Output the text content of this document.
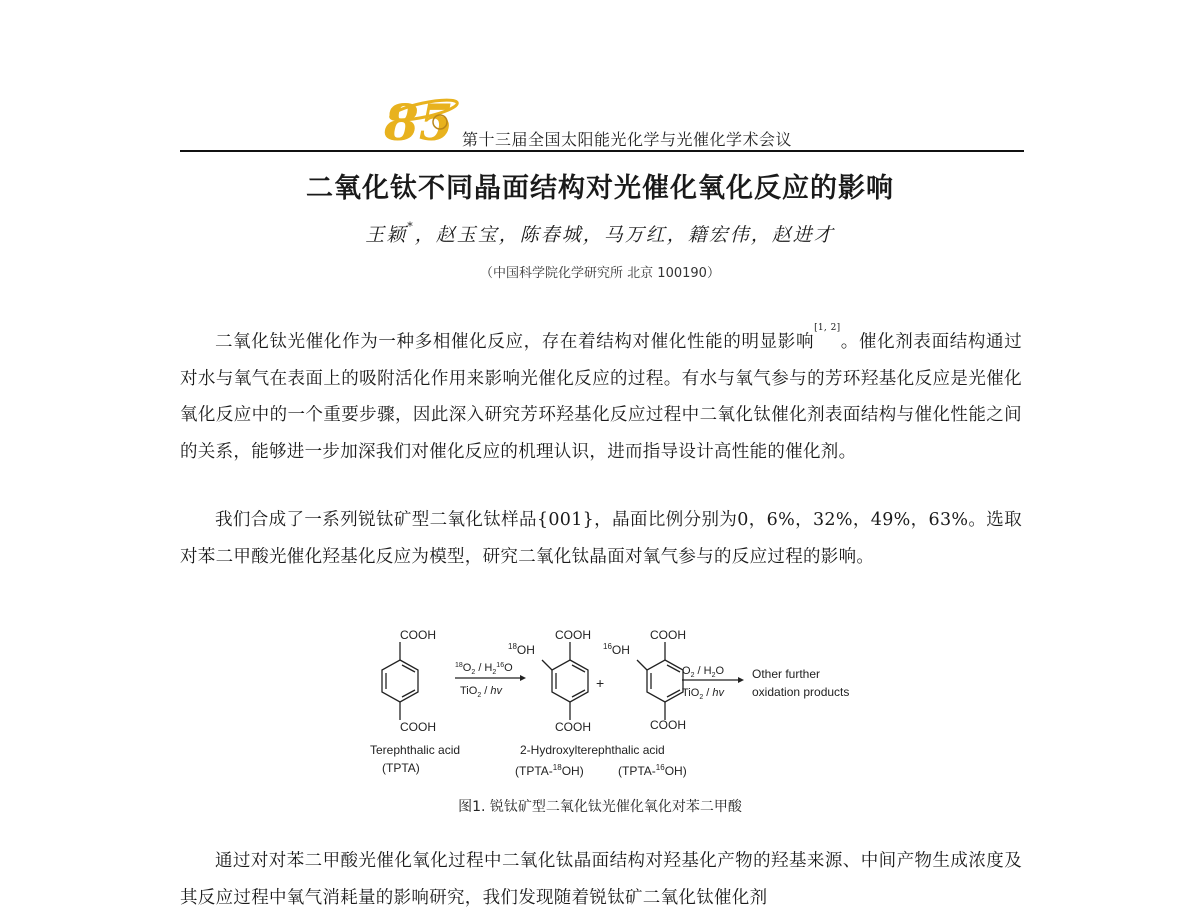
85 第十三届全国太阳能光化学与光催化学术会议
二氧化钛不同晶面结构对光催化氧化反应的影响
王颖*，赵玉宝，陈春城，马万红，籍宏伟，赵进才
（中国科学院化学研究所 北京 100190）

二氧化钛光催化作为一种多相催化反应，存在着结构对催化性能的明显影响[1, 2]。催化剂表面结构通过对水与氧气在表面上的吸附活化作用来影响光催化反应的过程。有水与氧气参与的芳环羟基化反应是光催化氧化反应中的一个重要步骤，因此深入研究芳环羟基化反应过程中二氧化钛催化剂表面结构与催化性能之间的关系，能够进一步加深我们对催化反应的机理认识，进而指导设计高性能的催化剂。

我们合成了一系列锐钛矿型二氧化钛样品{001}，晶面比例分别为0，6%，32%，49%，63%。选取对苯二甲酸光催化羟基化反应为模型，研究二氧化钛晶面对氧气参与的反应过程的影响。

COOH
COOH
$^{18}O_2 / H_2^{16}O$
TiO$_2$ / hv
COOH
$^{18}$OH
COOH
+
COOH
$^{16}$OH
COOH
$O_2 / H_2O$
TiO$_2$ / hv
Other further
oxidation products
Terephthalic acid
(TPTA)
2-Hydroxylterephthalic acid
(TPTA-$^{18}$OH)	(TPTA-$^{16}$OH)
图1. 锐钛矿型二氧化钛光催化氧化对苯二甲酸

通过对对苯二甲酸光催化氧化过程中二氧化钛晶面结构对羟基化产物的羟基来源、中间产物生成浓度及其反应过程中氧气消耗量的影响研究，我们发现随着锐钛矿二氧化钛催化剂
